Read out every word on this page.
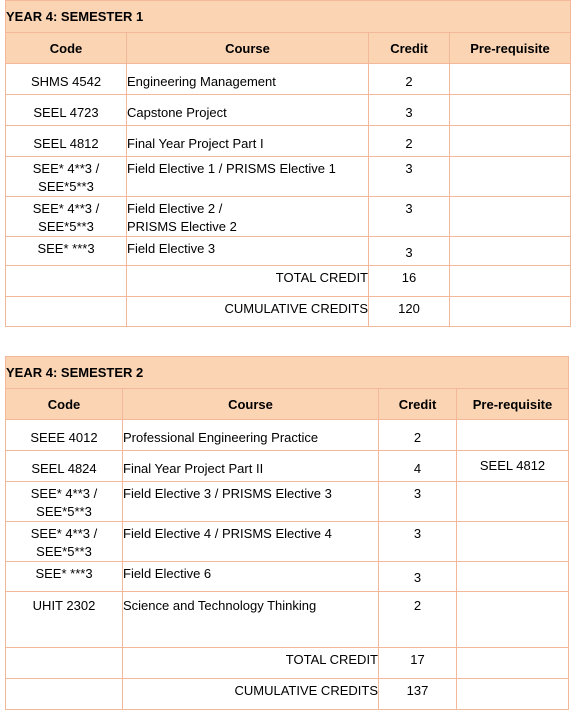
YEAR 4: SEMESTER 1			
Code	Course	Credit	Pre-requisite

SHMS 4542	Engineering Management	2	

SEEL 4723	Capstone Project	3	

SEEL 4812	Final Year Project Part I	2	

SEE* 4**3 /
SEE*5**3	Field Elective 1 / PRISMS Elective 1	3	

SEE* 4**3 /
SEE*5**3	Field Elective 2 /
PRISMS Elective 2	3	

SEE* ***3	Field Elective 3	3	

	TOTAL CREDIT	16	

	CUMULATIVE CREDITS	120	

YEAR 4: SEMESTER 2			
Code	Course	Credit	Pre-requisite

SEEE 4012	Professional Engineering Practice	2	

SEEL 4824	Final Year Project Part II	4	SEEL 4812

SEE* 4**3 /
SEE*5**3	Field Elective 3 / PRISMS Elective 3	3	

SEE* 4**3 /
SEE*5**3	Field Elective 4 / PRISMS Elective 4	3	

SEE* ***3	Field Elective 6	3	

UHIT 2302	Science and Technology Thinking	2	

	TOTAL CREDIT	17	

	CUMULATIVE CREDITS	137	
